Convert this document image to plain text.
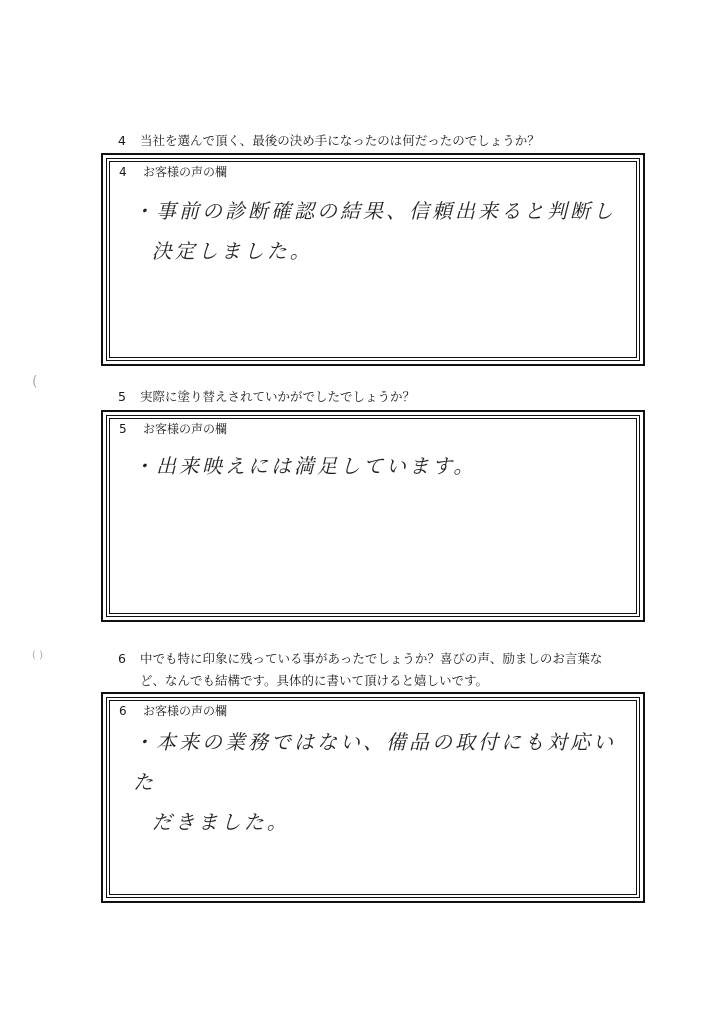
(
( )
4 当社を選んで頂く、最後の決め手になったのは何だったのでしょうか？
4 お客様の声の欄
・事前の診断確認の結果、信頼出来ると判断し
決定しました。
5 実際に塗り替えされていかがでしたでしょうか？
5 お客様の声の欄
・出来映えには満足しています。
6 中でも特に印象に残っている事があったでしょうか？喜びの声、励ましのお言葉な
ど、なんでも結構です。具体的に書いて頂けると嬉しいです。
6 お客様の声の欄
・本来の業務ではない、備品の取付にも対応いた
だきました。
